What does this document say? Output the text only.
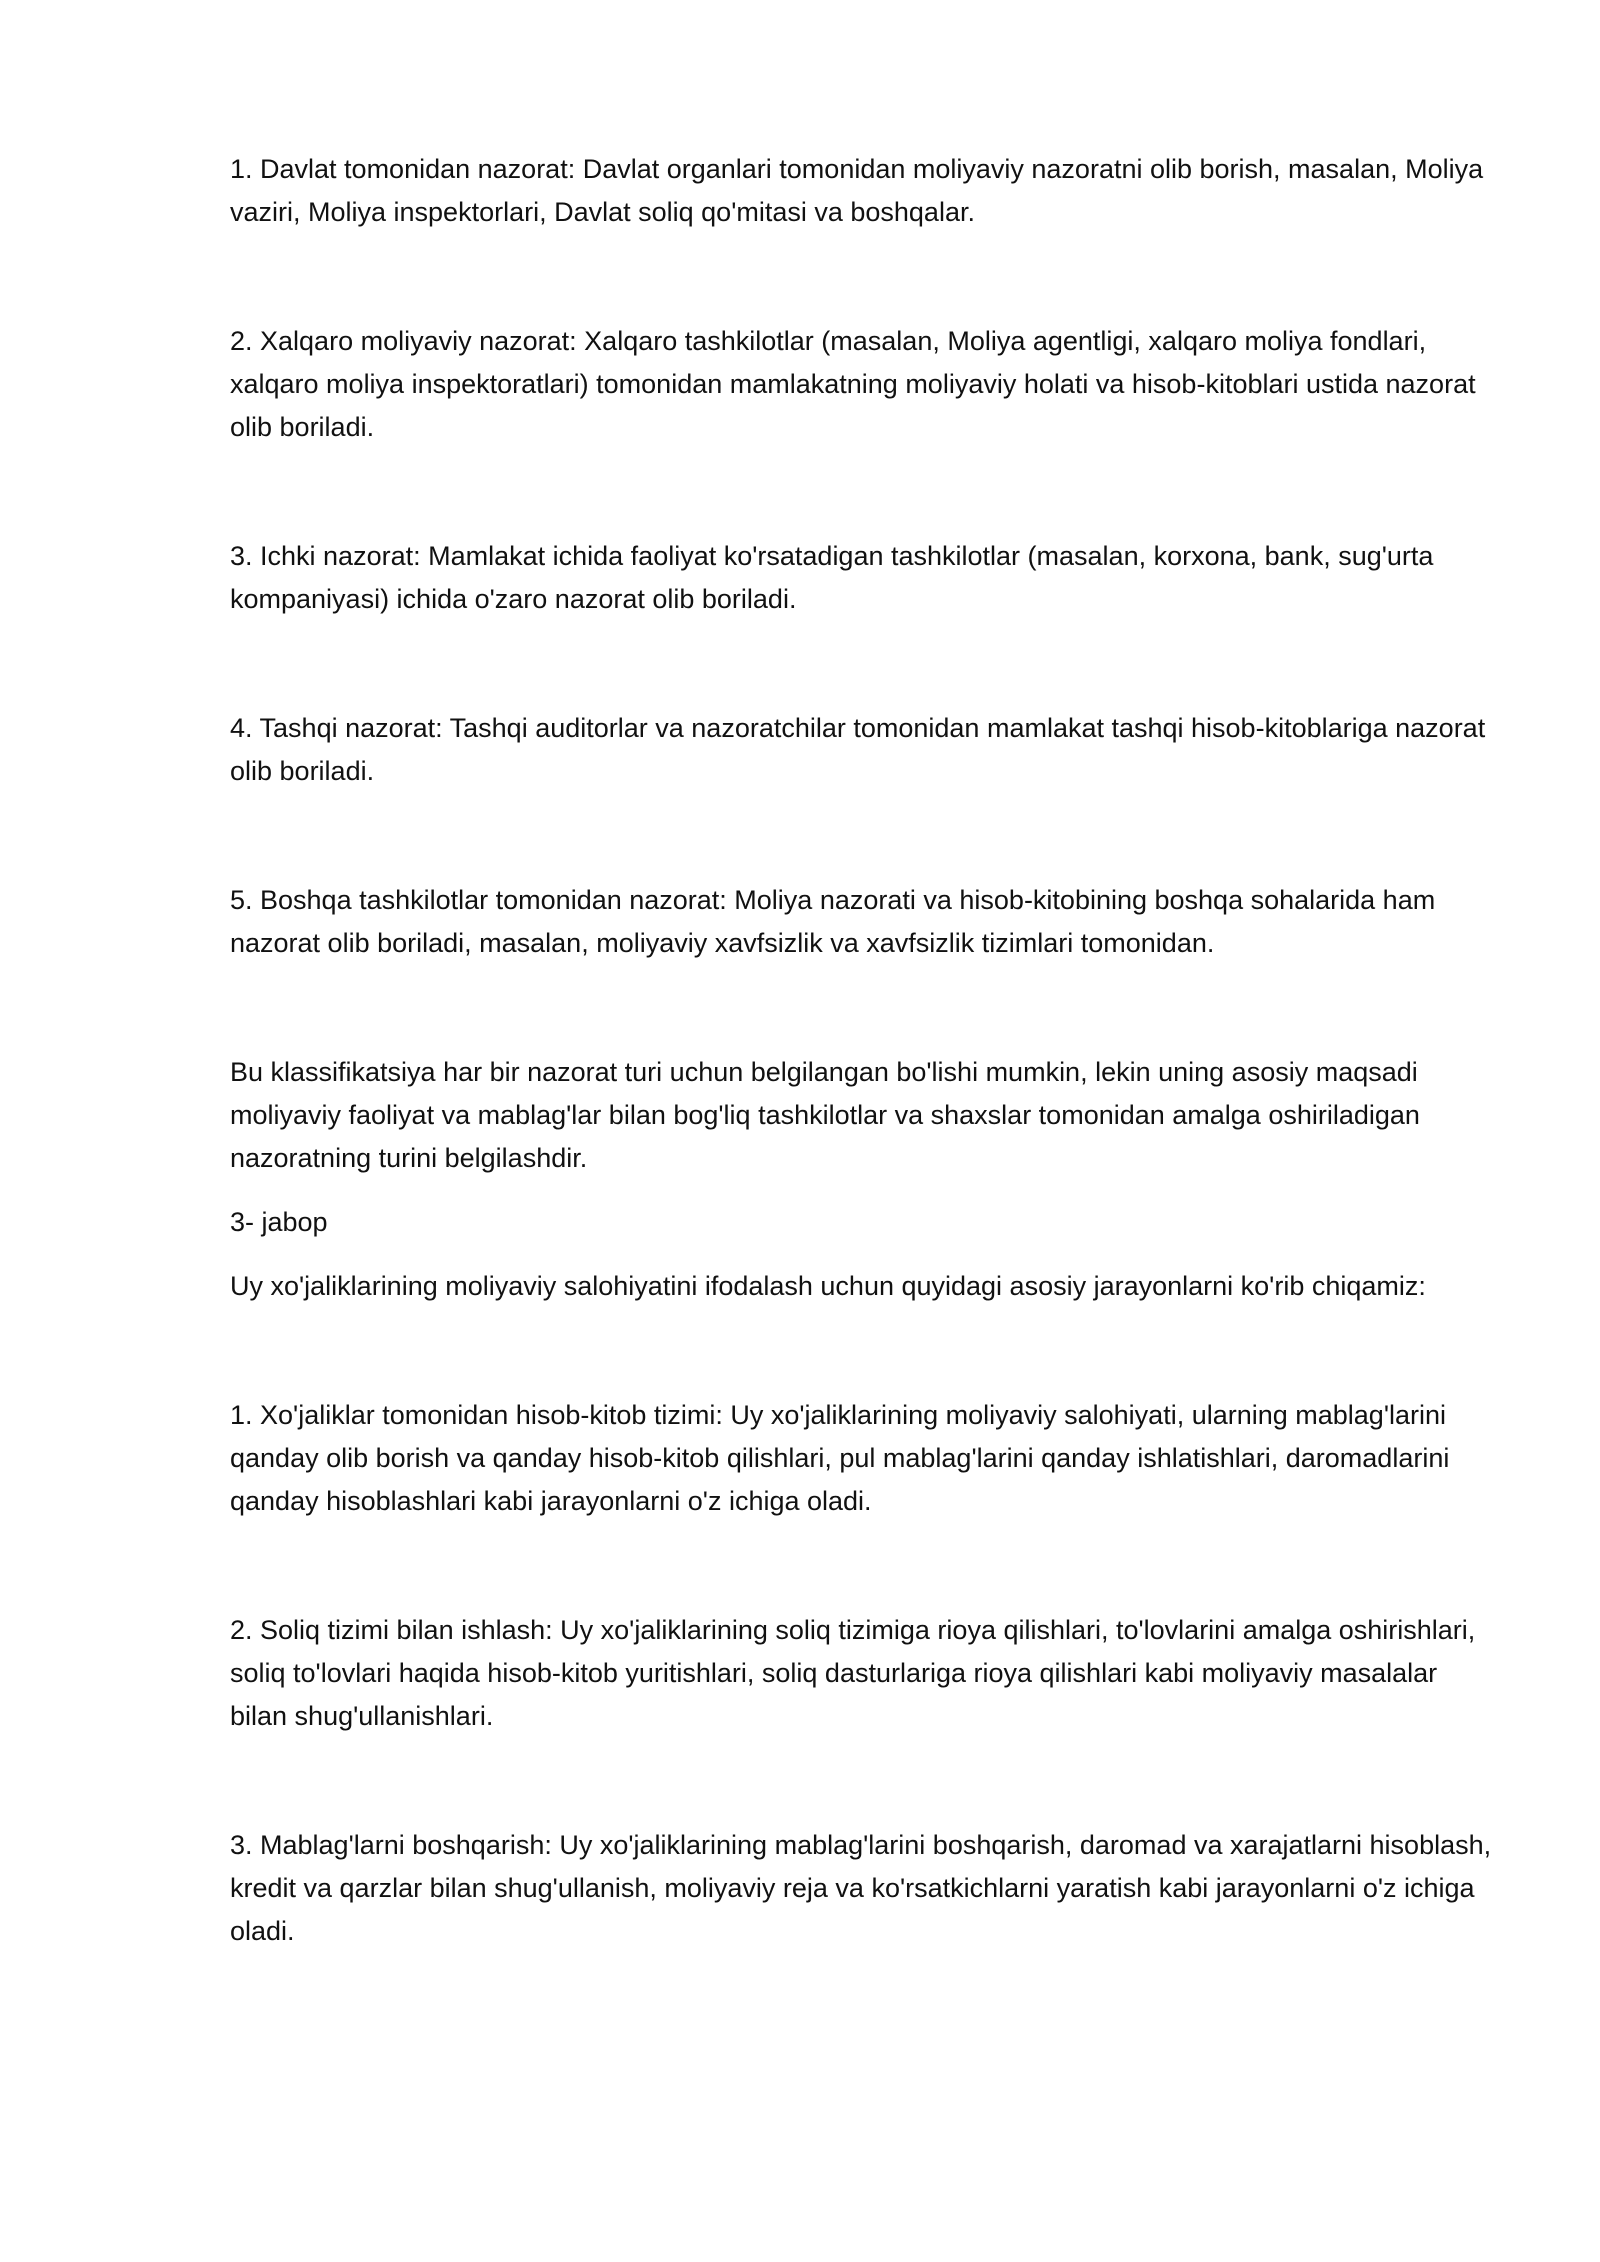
1. Davlat tomonidan nazorat: Davlat organlari tomonidan moliyaviy nazoratni olib borish, masalan, Moliya vaziri, Moliya inspektorlari, Davlat soliq qo'mitasi va boshqalar.

2. Xalqaro moliyaviy nazorat: Xalqaro tashkilotlar (masalan, Moliya agentligi, xalqaro moliya fondlari, xalqaro moliya inspektoratlari) tomonidan mamlakatning moliyaviy holati va hisob-kitoblari ustida nazorat olib boriladi.

3. Ichki nazorat: Mamlakat ichida faoliyat ko'rsatadigan tashkilotlar (masalan, korxona, bank, sug'urta kompaniyasi) ichida o'zaro nazorat olib boriladi.

4. Tashqi nazorat: Tashqi auditorlar va nazoratchilar tomonidan mamlakat tashqi hisob-kitoblariga nazorat olib boriladi.

5. Boshqa tashkilotlar tomonidan nazorat: Moliya nazorati va hisob-kitobining boshqa sohalarida ham nazorat olib boriladi, masalan, moliyaviy xavfsizlik va xavfsizlik tizimlari tomonidan.

Bu klassifikatsiya har bir nazorat turi uchun belgilangan bo'lishi mumkin, lekin uning asosiy maqsadi moliyaviy faoliyat va mablag'lar bilan bog'liq tashkilotlar va shaxslar tomonidan amalga oshiriladigan nazoratning turini belgilashdir.

3- jabop

Uy xo'jaliklarining moliyaviy salohiyatini ifodalash uchun quyidagi asosiy jarayonlarni ko'rib chiqamiz:

1. Xo'jaliklar tomonidan hisob-kitob tizimi: Uy xo'jaliklarining moliyaviy salohiyati, ularning mablag'larini qanday olib borish va qanday hisob-kitob qilishlari, pul mablag'larini qanday ishlatishlari, daromadlarini qanday hisoblashlari kabi jarayonlarni o'z ichiga oladi.

2. Soliq tizimi bilan ishlash: Uy xo'jaliklarining soliq tizimiga rioya qilishlari, to'lovlarini amalga oshirishlari, soliq to'lovlari haqida hisob-kitob yuritishlari, soliq dasturlariga rioya qilishlari kabi moliyaviy masalalar bilan shug'ullanishlari.

3. Mablag'larni boshqarish: Uy xo'jaliklarining mablag'larini boshqarish, daromad va xarajatlarni hisoblash, kredit va qarzlar bilan shug'ullanish, moliyaviy reja va ko'rsatkichlarni yaratish kabi jarayonlarni o'z ichiga oladi.
